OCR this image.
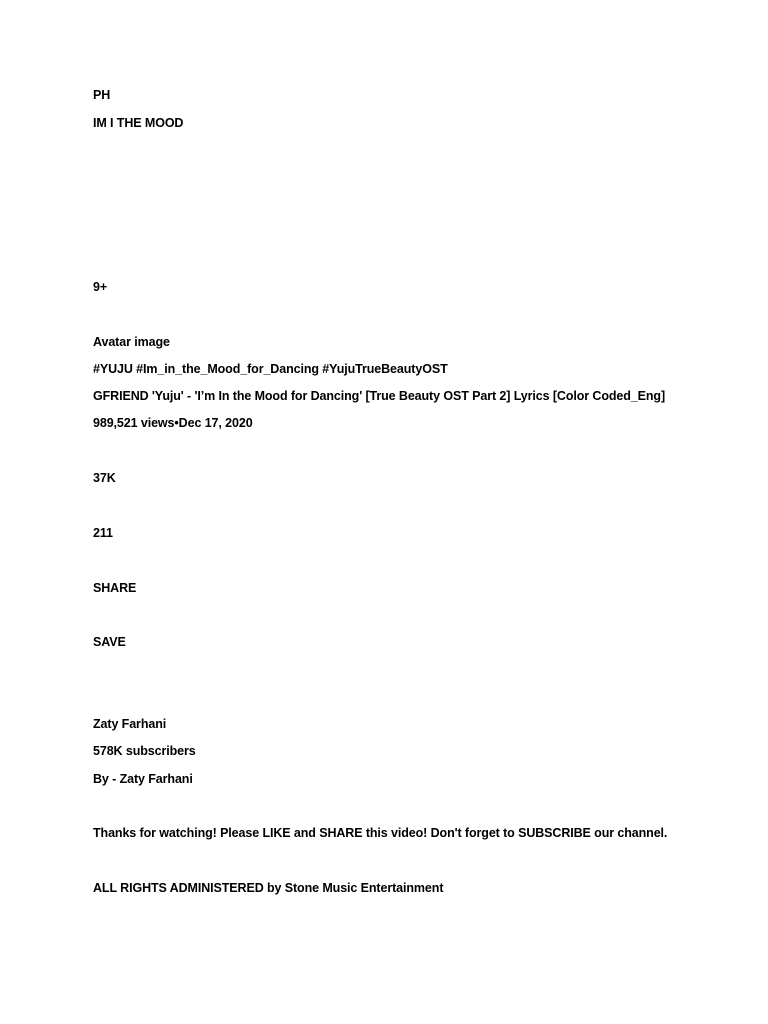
PH
IM I THE MOOD
9+
Avatar image
#YUJU #Im_in_the_Mood_for_Dancing #YujuTrueBeautyOST
GFRIEND 'Yuju' - 'I’m In the Mood for Dancing' [True Beauty OST Part 2] Lyrics [Color Coded_Eng]
989,521 views•Dec 17, 2020
37K
211
SHARE
SAVE
Zaty Farhani
578K subscribers
By - Zaty Farhani
Thanks for watching! Please LIKE and SHARE this video! Don't forget to SUBSCRIBE our channel.
ALL RIGHTS ADMINISTERED by Stone Music Entertainment
